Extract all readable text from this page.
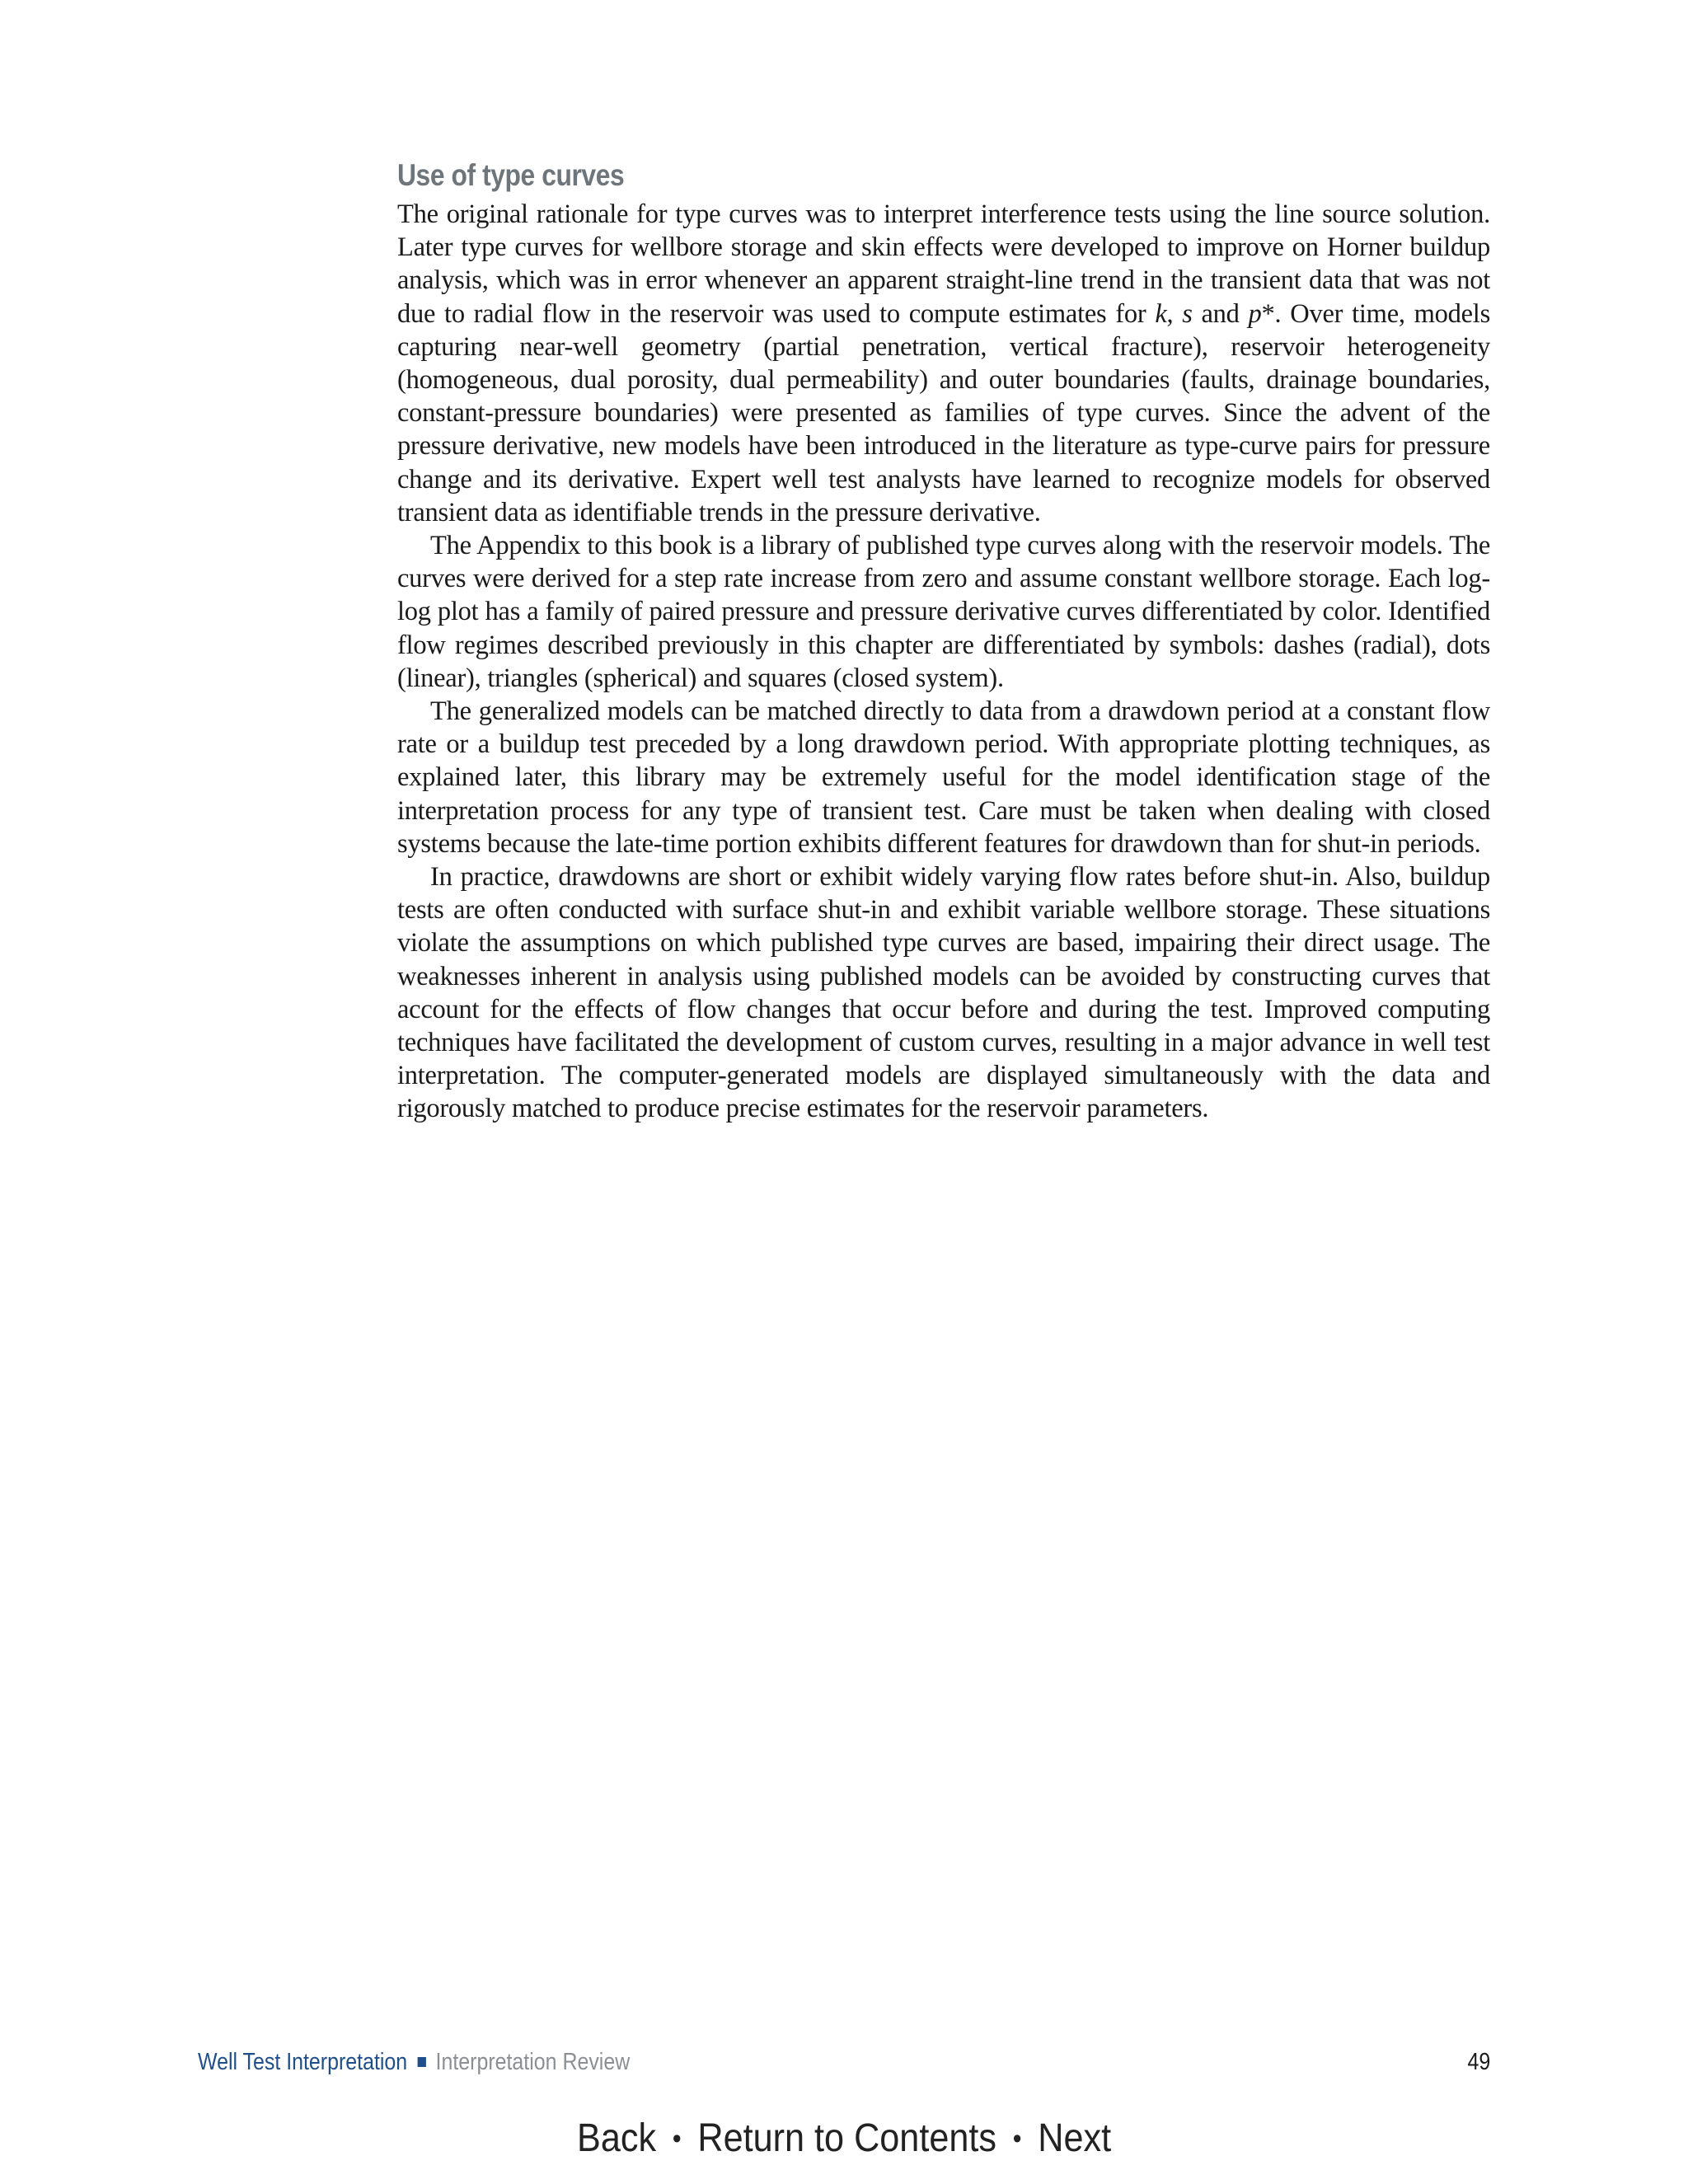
Use of type curves

The original rationale for type curves was to interpret interference tests using the line source solution. Later type curves for wellbore storage and skin effects were developed to improve on Horner buildup analysis, which was in error whenever an apparent straight-line trend in the transient data that was not due to radial flow in the reservoir was used to compute estimates for k, s and p*. Over time, models capturing near-well geometry (partial penetration, vertical fracture), reservoir heterogeneity (homogeneous, dual porosity, dual permeability) and outer boundaries (faults, drainage boundaries, constant-pressure boundaries) were presented as families of type curves. Since the advent of the pressure derivative, new models have been introduced in the literature as type-curve pairs for pressure change and its derivative. Expert well test analysts have learned to recognize models for observed transient data as identifiable trends in the pressure derivative.

The Appendix to this book is a library of published type curves along with the reservoir models. The curves were derived for a step rate increase from zero and assume constant wellbore storage. Each log-log plot has a family of paired pressure and pressure derivative curves differentiated by color. Identified flow regimes described previously in this chapter are differentiated by symbols: dashes (radial), dots (linear), triangles (spherical) and squares (closed system).

The generalized models can be matched directly to data from a drawdown period at a constant flow rate or a buildup test preceded by a long drawdown period. With appropriate plotting techniques, as explained later, this library may be extremely useful for the model identification stage of the interpretation process for any type of transient test. Care must be taken when dealing with closed systems because the late-time portion exhibits different features for drawdown than for shut-in periods.

In practice, drawdowns are short or exhibit widely varying flow rates before shut-in. Also, buildup tests are often conducted with surface shut-in and exhibit variable wellbore storage. These situations violate the assumptions on which published type curves are based, impairing their direct usage. The weaknesses inherent in analysis using published models can be avoided by constructing curves that account for the effects of flow changes that occur before and during the test. Improved computing techniques have facilitated the development of custom curves, resulting in a major advance in well test interpretation. The computer-generated models are displayed simultaneously with the data and rigorously matched to produce precise estimates for the reservoir parameters.

Well Test Interpretation Interpretation Review	49
Back • Return to Contents • Next
